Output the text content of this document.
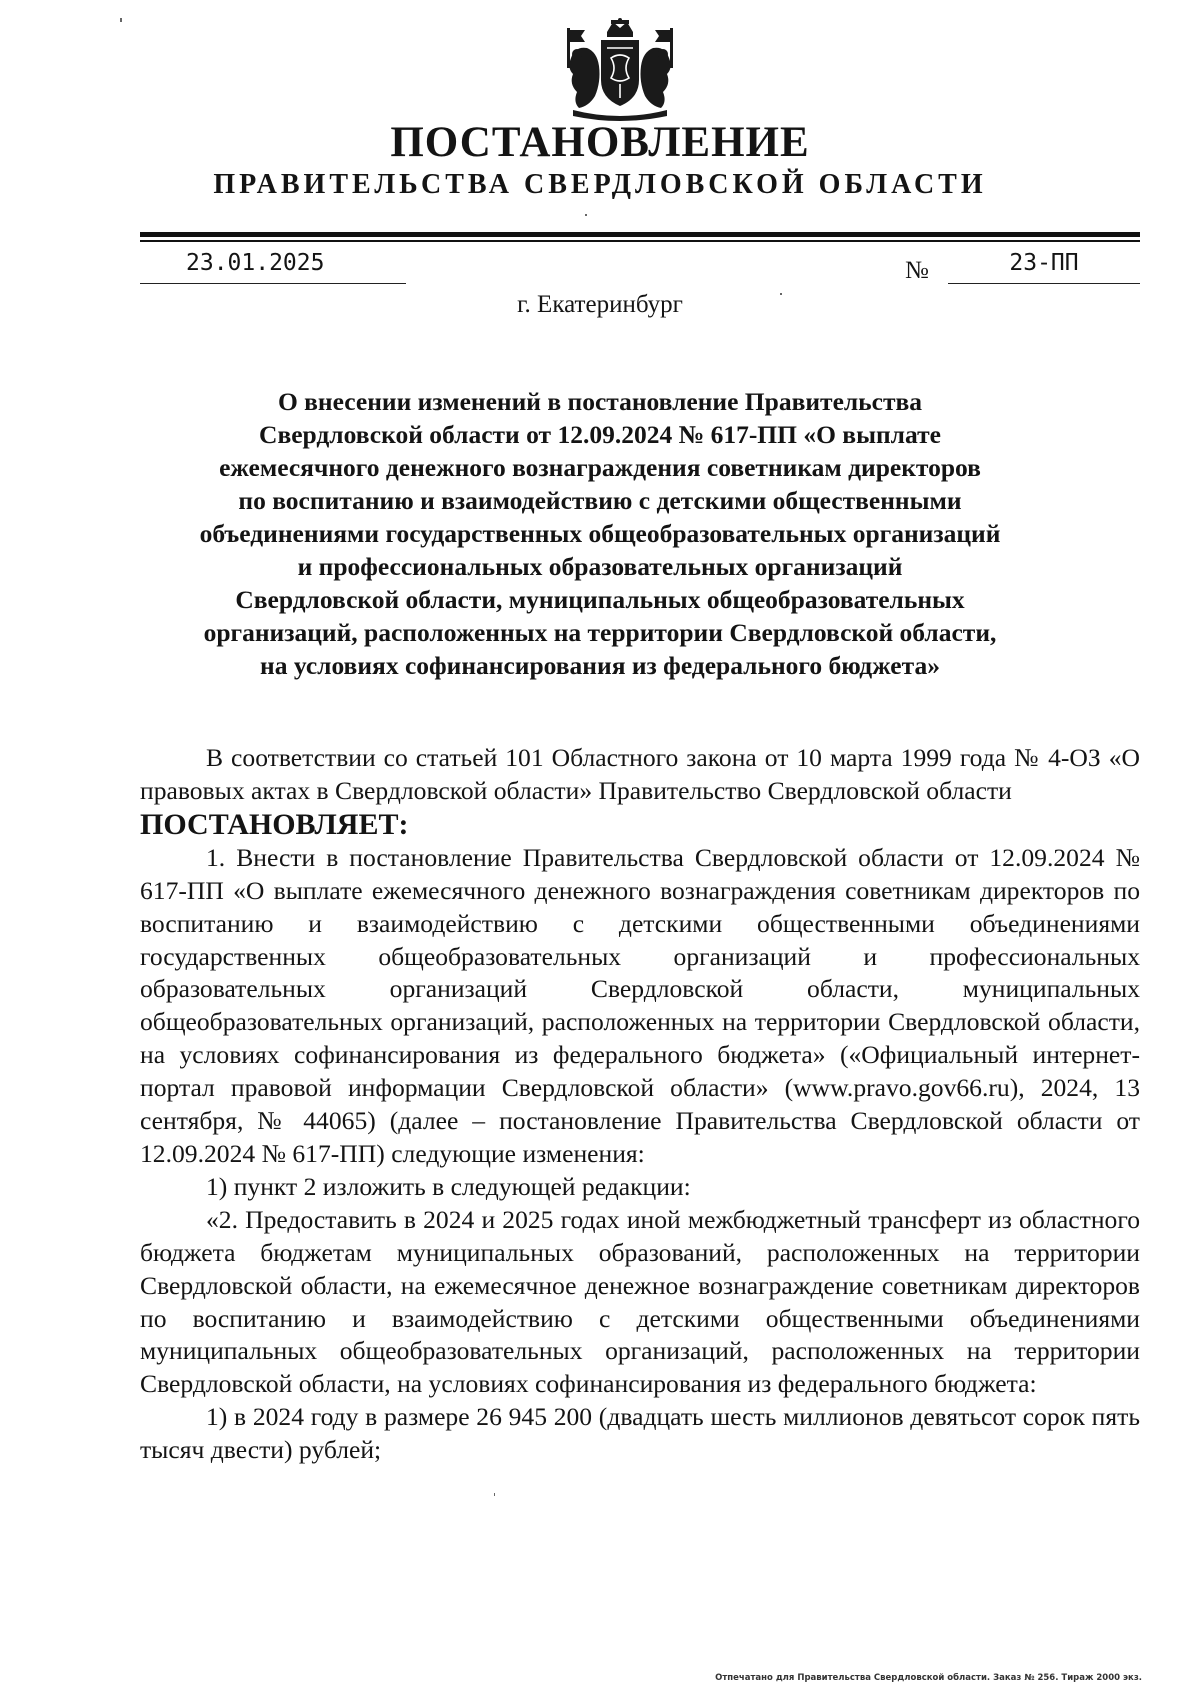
ПОСТАНОВЛЕНИЕ
ПРАВИТЕЛЬСТВА СВЕРДЛОВСКОЙ ОБЛАСТИ
23.01.2025	№	23-ПП
г. Екатеринбург
О внесении изменений в постановление Правительства
Свердловской области от 12.09.2024 № 617-ПП «О выплате
ежемесячного денежного вознаграждения советникам директоров
по воспитанию и взаимодействию с детскими общественными
объединениями государственных общеобразовательных организаций
и профессиональных образовательных организаций
Свердловской области, муниципальных общеобразовательных
организаций, расположенных на территории Свердловской области,
на условиях софинансирования из федерального бюджета»

В соответствии со статьей 101 Областного закона от 10 марта 1999 года № 4-ОЗ «О правовых актах в Свердловской области» Правительство Свердловской области

ПОСТАНОВЛЯЕТ:

1. Внести в постановление Правительства Свердловской области от 12.09.2024 № 617-ПП «О выплате ежемесячного денежного вознаграждения советникам директоров по воспитанию и взаимодействию с детскими общественными объединениями государственных общеобразовательных организаций и профессиональных образовательных организаций Свердловской области, муниципальных общеобразовательных организаций, расположенных на территории Свердловской области, на условиях софинансирования из федерального бюджета» («Официальный интернет-портал правовой информации Свердловской области» (www.pravo.gov66.ru), 2024, 13 сентября, № 44065) (далее – постановление Правительства Свердловской области от 12.09.2024 № 617-ПП) следующие изменения:

1) пункт 2 изложить в следующей редакции:

«2. Предоставить в 2024 и 2025 годах иной межбюджетный трансферт из областного бюджета бюджетам муниципальных образований, расположенных на территории Свердловской области, на ежемесячное денежное вознаграждение советникам директоров по воспитанию и взаимодействию с детскими общественными объединениями муниципальных общеобразовательных организаций, расположенных на территории Свердловской области, на условиях софинансирования из федерального бюджета:

1) в 2024 году в размере 26 945 200 (двадцать шесть миллионов девятьсот сорок пять тысяч двести) рублей;

Отпечатано для Правительства Свердловской области. Заказ № 256. Тираж 2000 экз.
